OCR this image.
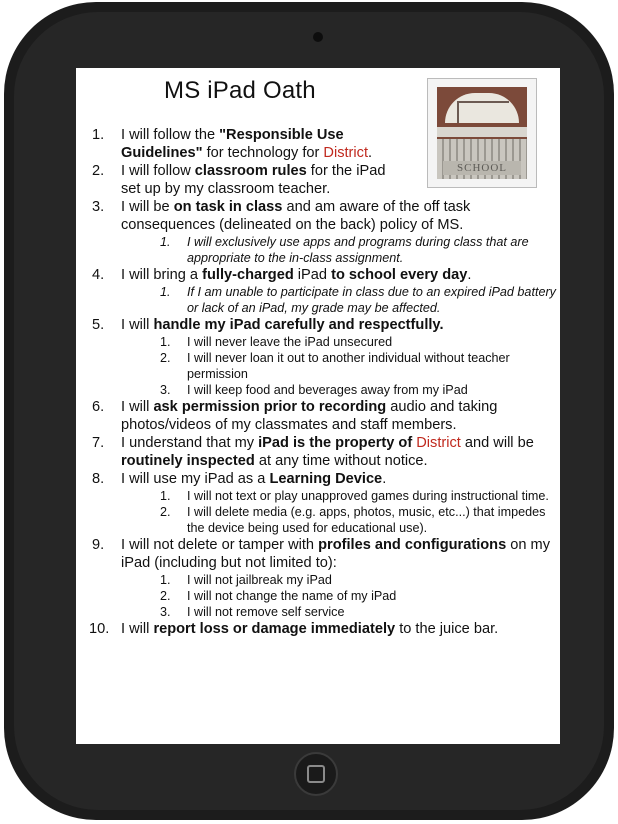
MS iPad Oath
SCHOOL
1. I will follow the "Responsible Use Guidelines" for technology for District.
2. I will follow classroom rules for the iPad set up by my classroom teacher.
3. I will be on task in class and am aware of the off task consequences (delineated on the back) policy of MS.
1. I will exclusively use apps and programs during class that are appropriate to the in-class assignment.
4. I will bring a fully-charged iPad to school every day.
1. If I am unable to participate in class due to an expired iPad battery or lack of an iPad, my grade may be affected.
5. I will handle my iPad carefully and respectfully.
1. I will never leave the iPad unsecured
2. I will never loan it out to another individual without teacher permission
3. I will keep food and beverages away from my iPad
6. I will ask permission prior to recording audio and taking photos/videos of my classmates and staff members.
7. I understand that my iPad is the property of District and will be routinely inspected at any time without notice.
8. I will use my iPad as a Learning Device.
1. I will not text or play unapproved games during instructional time.
2. I will delete media (e.g. apps, photos, music, etc...) that impedes the device being used for educational use).
9. I will not delete or tamper with profiles and configurations on my iPad (including but not limited to):
1. I will not jailbreak my iPad
2. I will not change the name of my iPad
3. I will not remove self service
10. I will report loss or damage immediately to the juice bar.
